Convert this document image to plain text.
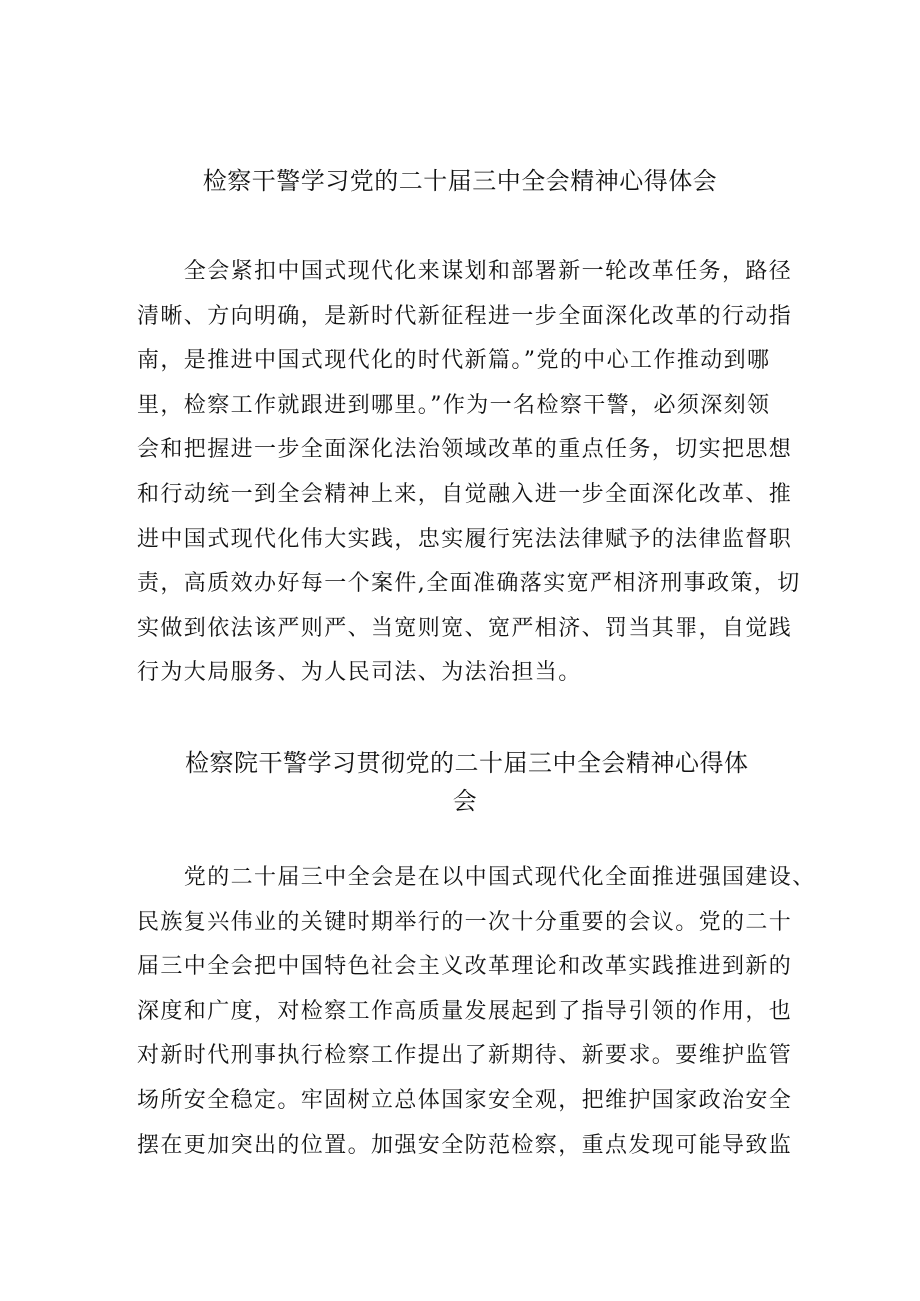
检察干警学习党的二十届三中全会精神心得体会
　　全会紧扣中国式现代化来谋划和部署新一轮改革任务，路径
清晰、方向明确，是新时代新征程进一步全面深化改革的行动指
南，是推进中国式现代化的时代新篇。”党的中心工作推动到哪
里，检察工作就跟进到哪里。”作为一名检察干警，必须深刻领
会和把握进一步全面深化法治领域改革的重点任务，切实把思想
和行动统一到全会精神上来，自觉融入进一步全面深化改革、推
进中国式现代化伟大实践，忠实履行宪法法律赋予的法律监督职
责，高质效办好每一个案件,全面准确落实宽严相济刑事政策，切
实做到依法该严则严、当宽则宽、宽严相济、罚当其罪，自觉践
行为大局服务、为人民司法、为法治担当。
检察院干警学习贯彻党的二十届三中全会精神心得体
会
　　党的二十届三中全会是在以中国式现代化全面推进强国建设、
民族复兴伟业的关键时期举行的一次十分重要的会议。党的二十
届三中全会把中国特色社会主义改革理论和改革实践推进到新的
深度和广度，对检察工作高质量发展起到了指导引领的作用，也
对新时代刑事执行检察工作提出了新期待、新要求。要维护监管
场所安全稳定。牢固树立总体国家安全观，把维护国家政治安全
摆在更加突出的位置。加强安全防范检察，重点发现可能导致监
